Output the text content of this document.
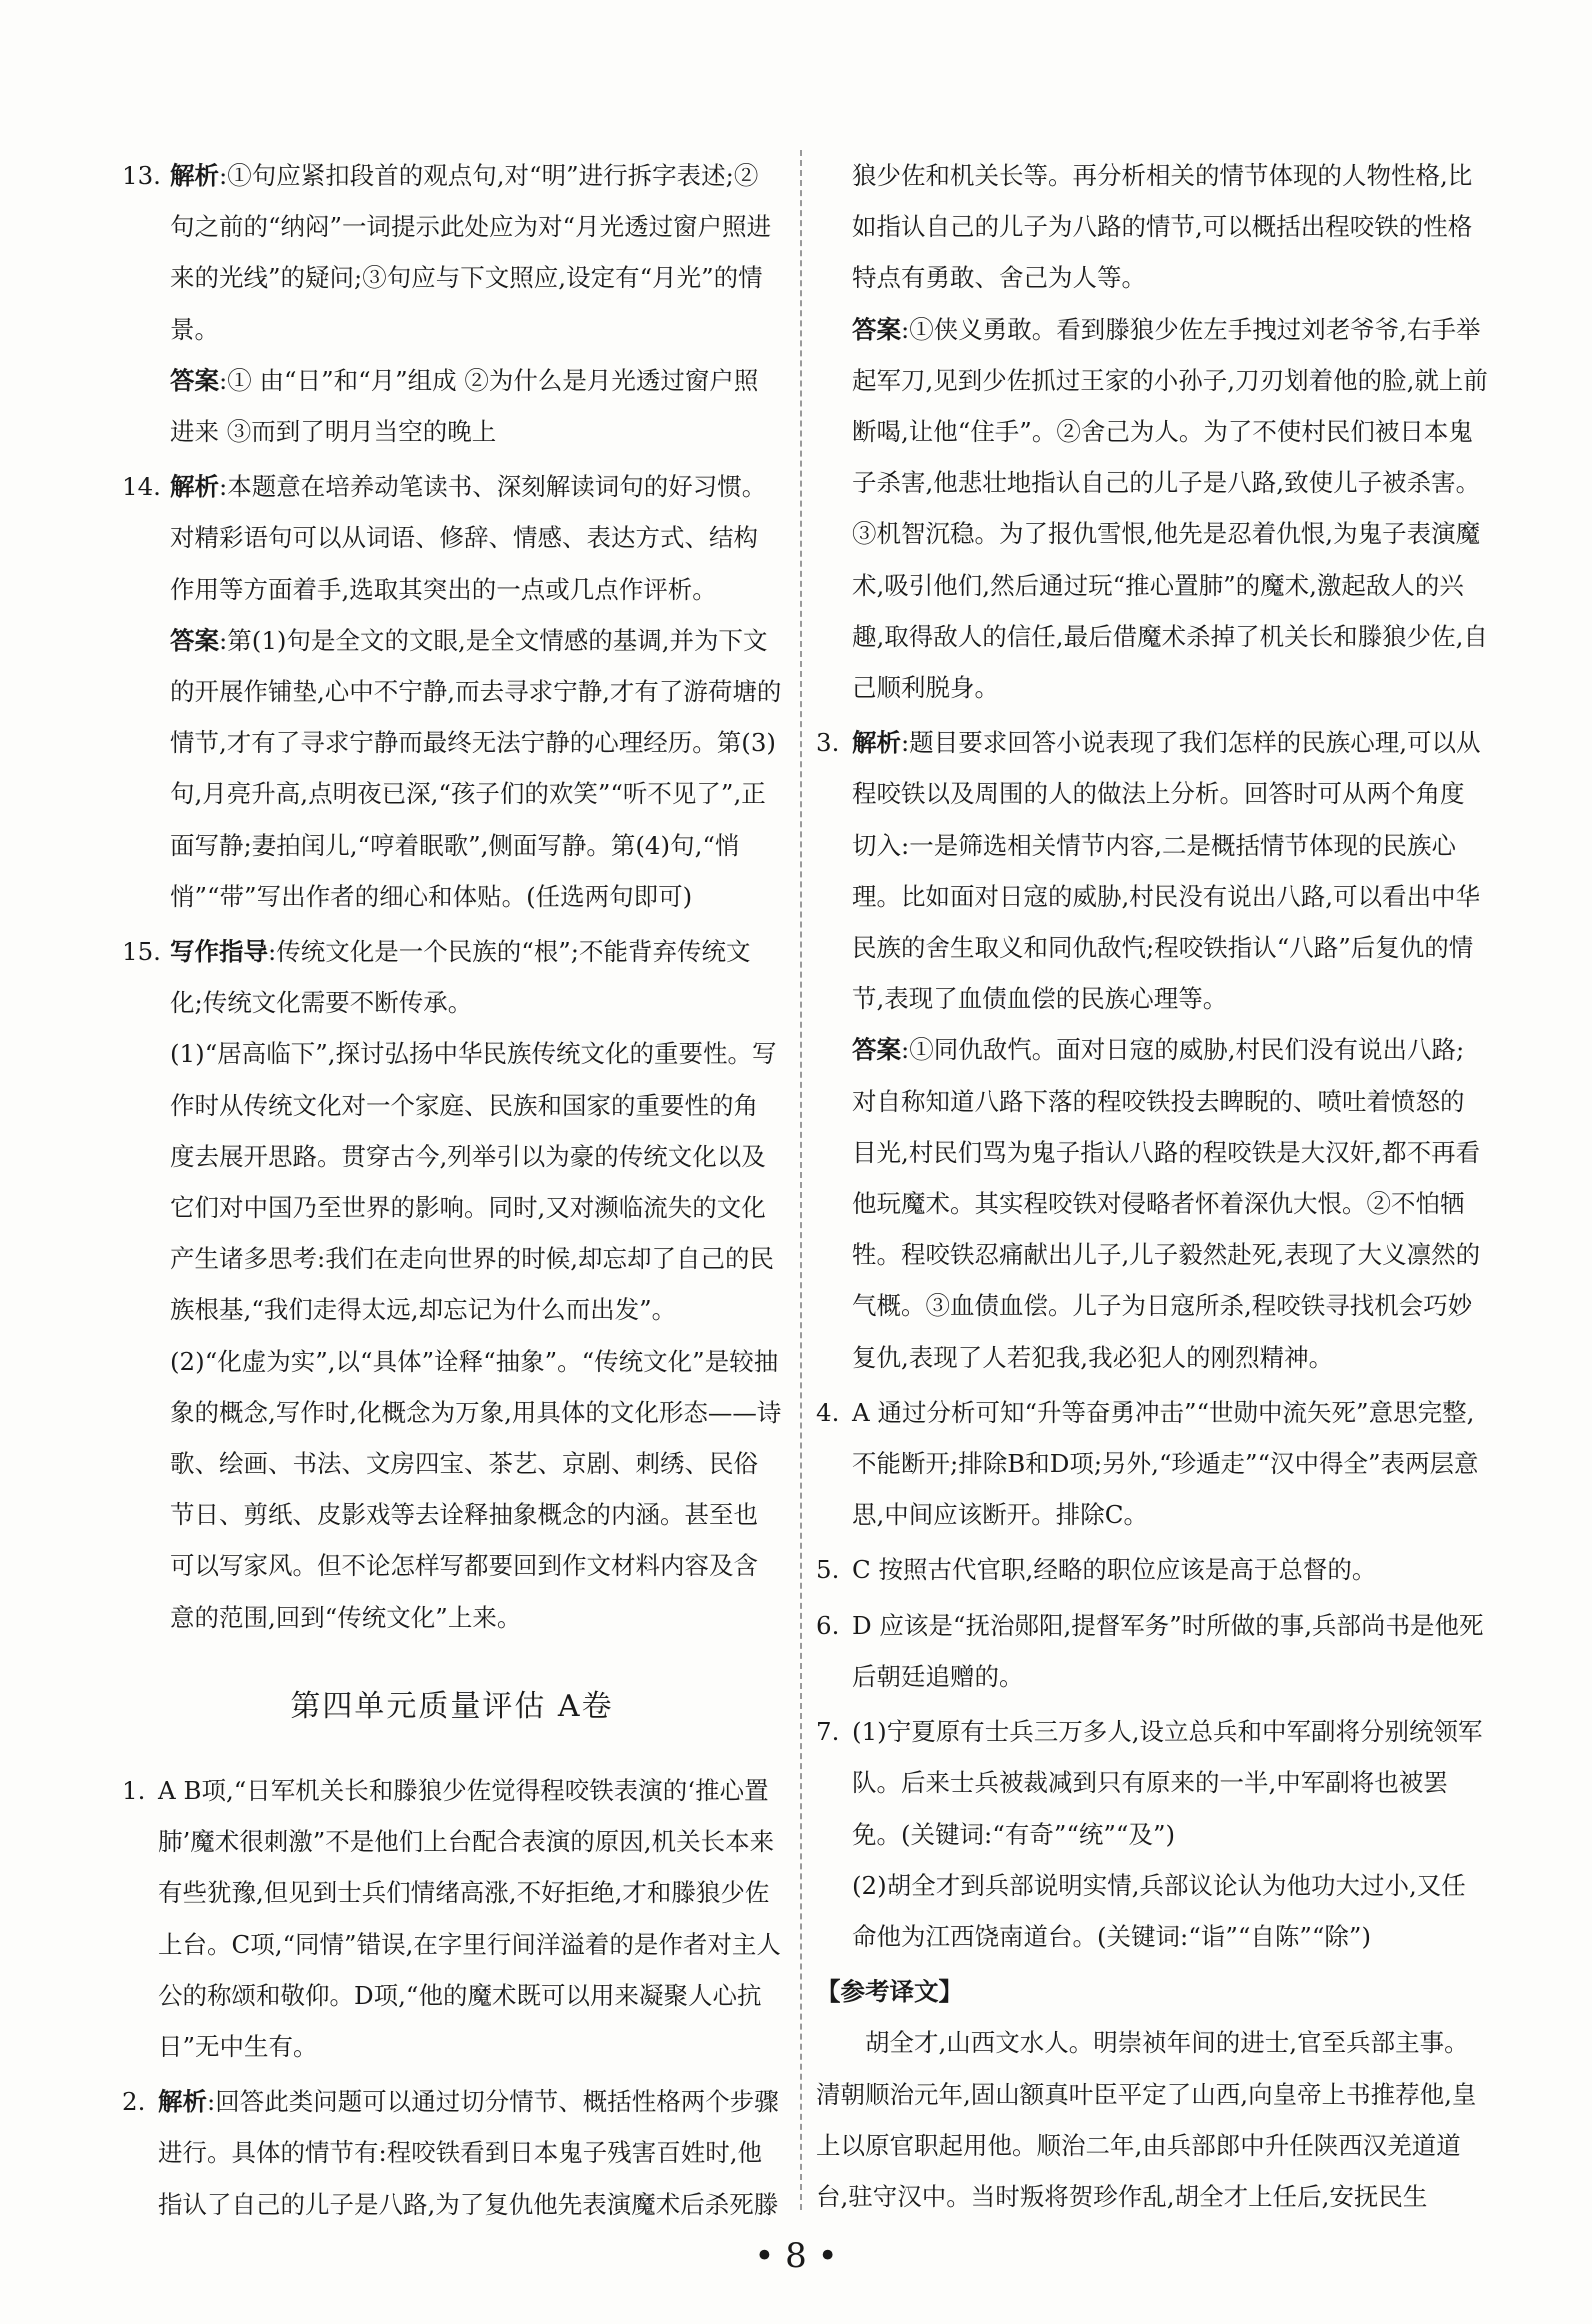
13. 解析:①句应紧扣段首的观点句,对“明”进行拆字表述;②句之前的“纳闷”一词提示此处应为对“月光透过窗户照进来的光线”的疑问;③句应与下文照应,设定有“月光”的情景。

答案:① 由“日”和“月”组成 ②为什么是月光透过窗户照进来 ③而到了明月当空的晚上

14. 解析:本题意在培养动笔读书、深刻解读词句的好习惯。对精彩语句可以从词语、修辞、情感、表达方式、结构作用等方面着手,选取其突出的一点或几点作评析。

答案:第(1)句是全文的文眼,是全文情感的基调,并为下文的开展作铺垫,心中不宁静,而去寻求宁静,才有了游荷塘的情节,才有了寻求宁静而最终无法宁静的心理经历。第(3)句,月亮升高,点明夜已深,“孩子们的欢笑”“听不见了”,正面写静;妻拍闰儿,“哼着眠歌”,侧面写静。第(4)句,“悄悄”“带”写出作者的细心和体贴。(任选两句即可)

15. 写作指导:传统文化是一个民族的“根”;不能背弃传统文化;传统文化需要不断传承。

(1)“居高临下”,探讨弘扬中华民族传统文化的重要性。写作时从传统文化对一个家庭、民族和国家的重要性的角度去展开思路。贯穿古今,列举引以为豪的传统文化以及它们对中国乃至世界的影响。同时,又对濒临流失的文化产生诸多思考:我们在走向世界的时候,却忘却了自己的民族根基,“我们走得太远,却忘记为什么而出发”。

(2)“化虚为实”,以“具体”诠释“抽象”。“传统文化”是较抽象的概念,写作时,化概念为万象,用具体的文化形态——诗歌、绘画、书法、文房四宝、茶艺、京剧、刺绣、民俗节日、剪纸、皮影戏等去诠释抽象概念的内涵。甚至也可以写家风。但不论怎样写都要回到作文材料内容及含意的范围,回到“传统文化”上来。

第四单元质量评估 A卷
1. A B项,“日军机关长和滕狼少佐觉得程咬铁表演的‘推心置肺’魔术很刺激”不是他们上台配合表演的原因,机关长本来有些犹豫,但见到士兵们情绪高涨,不好拒绝,才和滕狼少佐上台。C项,“同情”错误,在字里行间洋溢着的是作者对主人公的称颂和敬仰。D项,“他的魔术既可以用来凝聚人心抗日”无中生有。

2. 解析:回答此类问题可以通过切分情节、概括性格两个步骤进行。具体的情节有:程咬铁看到日本鬼子残害百姓时,他指认了自己的儿子是八路,为了复仇他先表演魔术后杀死滕

狼少佐和机关长等。再分析相关的情节体现的人物性格,比如指认自己的儿子为八路的情节,可以概括出程咬铁的性格特点有勇敢、舍己为人等。

答案:①侠义勇敢。看到滕狼少佐左手拽过刘老爷爷,右手举起军刀,见到少佐抓过王家的小孙子,刀刃划着他的脸,就上前断喝,让他“住手”。②舍己为人。为了不使村民们被日本鬼子杀害,他悲壮地指认自己的儿子是八路,致使儿子被杀害。③机智沉稳。为了报仇雪恨,他先是忍着仇恨,为鬼子表演魔术,吸引他们,然后通过玩“推心置肺”的魔术,激起敌人的兴趣,取得敌人的信任,最后借魔术杀掉了机关长和滕狼少佐,自己顺利脱身。

3. 解析:题目要求回答小说表现了我们怎样的民族心理,可以从程咬铁以及周围的人的做法上分析。回答时可从两个角度切入:一是筛选相关情节内容,二是概括情节体现的民族心理。比如面对日寇的威胁,村民没有说出八路,可以看出中华民族的舍生取义和同仇敌忾;程咬铁指认“八路”后复仇的情节,表现了血债血偿的民族心理等。

答案:①同仇敌忾。面对日寇的威胁,村民们没有说出八路;对自称知道八路下落的程咬铁投去睥睨的、喷吐着愤怒的目光,村民们骂为鬼子指认八路的程咬铁是大汉奸,都不再看他玩魔术。其实程咬铁对侵略者怀着深仇大恨。②不怕牺牲。程咬铁忍痛献出儿子,儿子毅然赴死,表现了大义凛然的气概。③血债血偿。儿子为日寇所杀,程咬铁寻找机会巧妙复仇,表现了人若犯我,我必犯人的刚烈精神。

4. A 通过分析可知“升等奋勇冲击”“世勋中流矢死”意思完整,不能断开;排除B和D项;另外,“珍遁走”“汉中得全”表两层意思,中间应该断开。排除C。

5. C 按照古代官职,经略的职位应该是高于总督的。

6. D 应该是“抚治郧阳,提督军务”时所做的事,兵部尚书是他死后朝廷追赠的。

7. (1)宁夏原有士兵三万多人,设立总兵和中军副将分别统领军队。后来士兵被裁减到只有原来的一半,中军副将也被罢免。(关键词:“有奇”“统”“及”)

(2)胡全才到兵部说明实情,兵部议论认为他功大过小,又任命他为江西饶南道台。(关键词:“诣”“自陈”“除”)

【参考译文】

胡全才,山西文水人。明崇祯年间的进士,官至兵部主事。清朝顺治元年,固山额真叶臣平定了山西,向皇帝上书推荐他,皇上以原官职起用他。顺治二年,由兵部郎中升任陕西汉羌道道台,驻守汉中。当时叛将贺珍作乱,胡全才上任后,安抚民生

• 8 •
